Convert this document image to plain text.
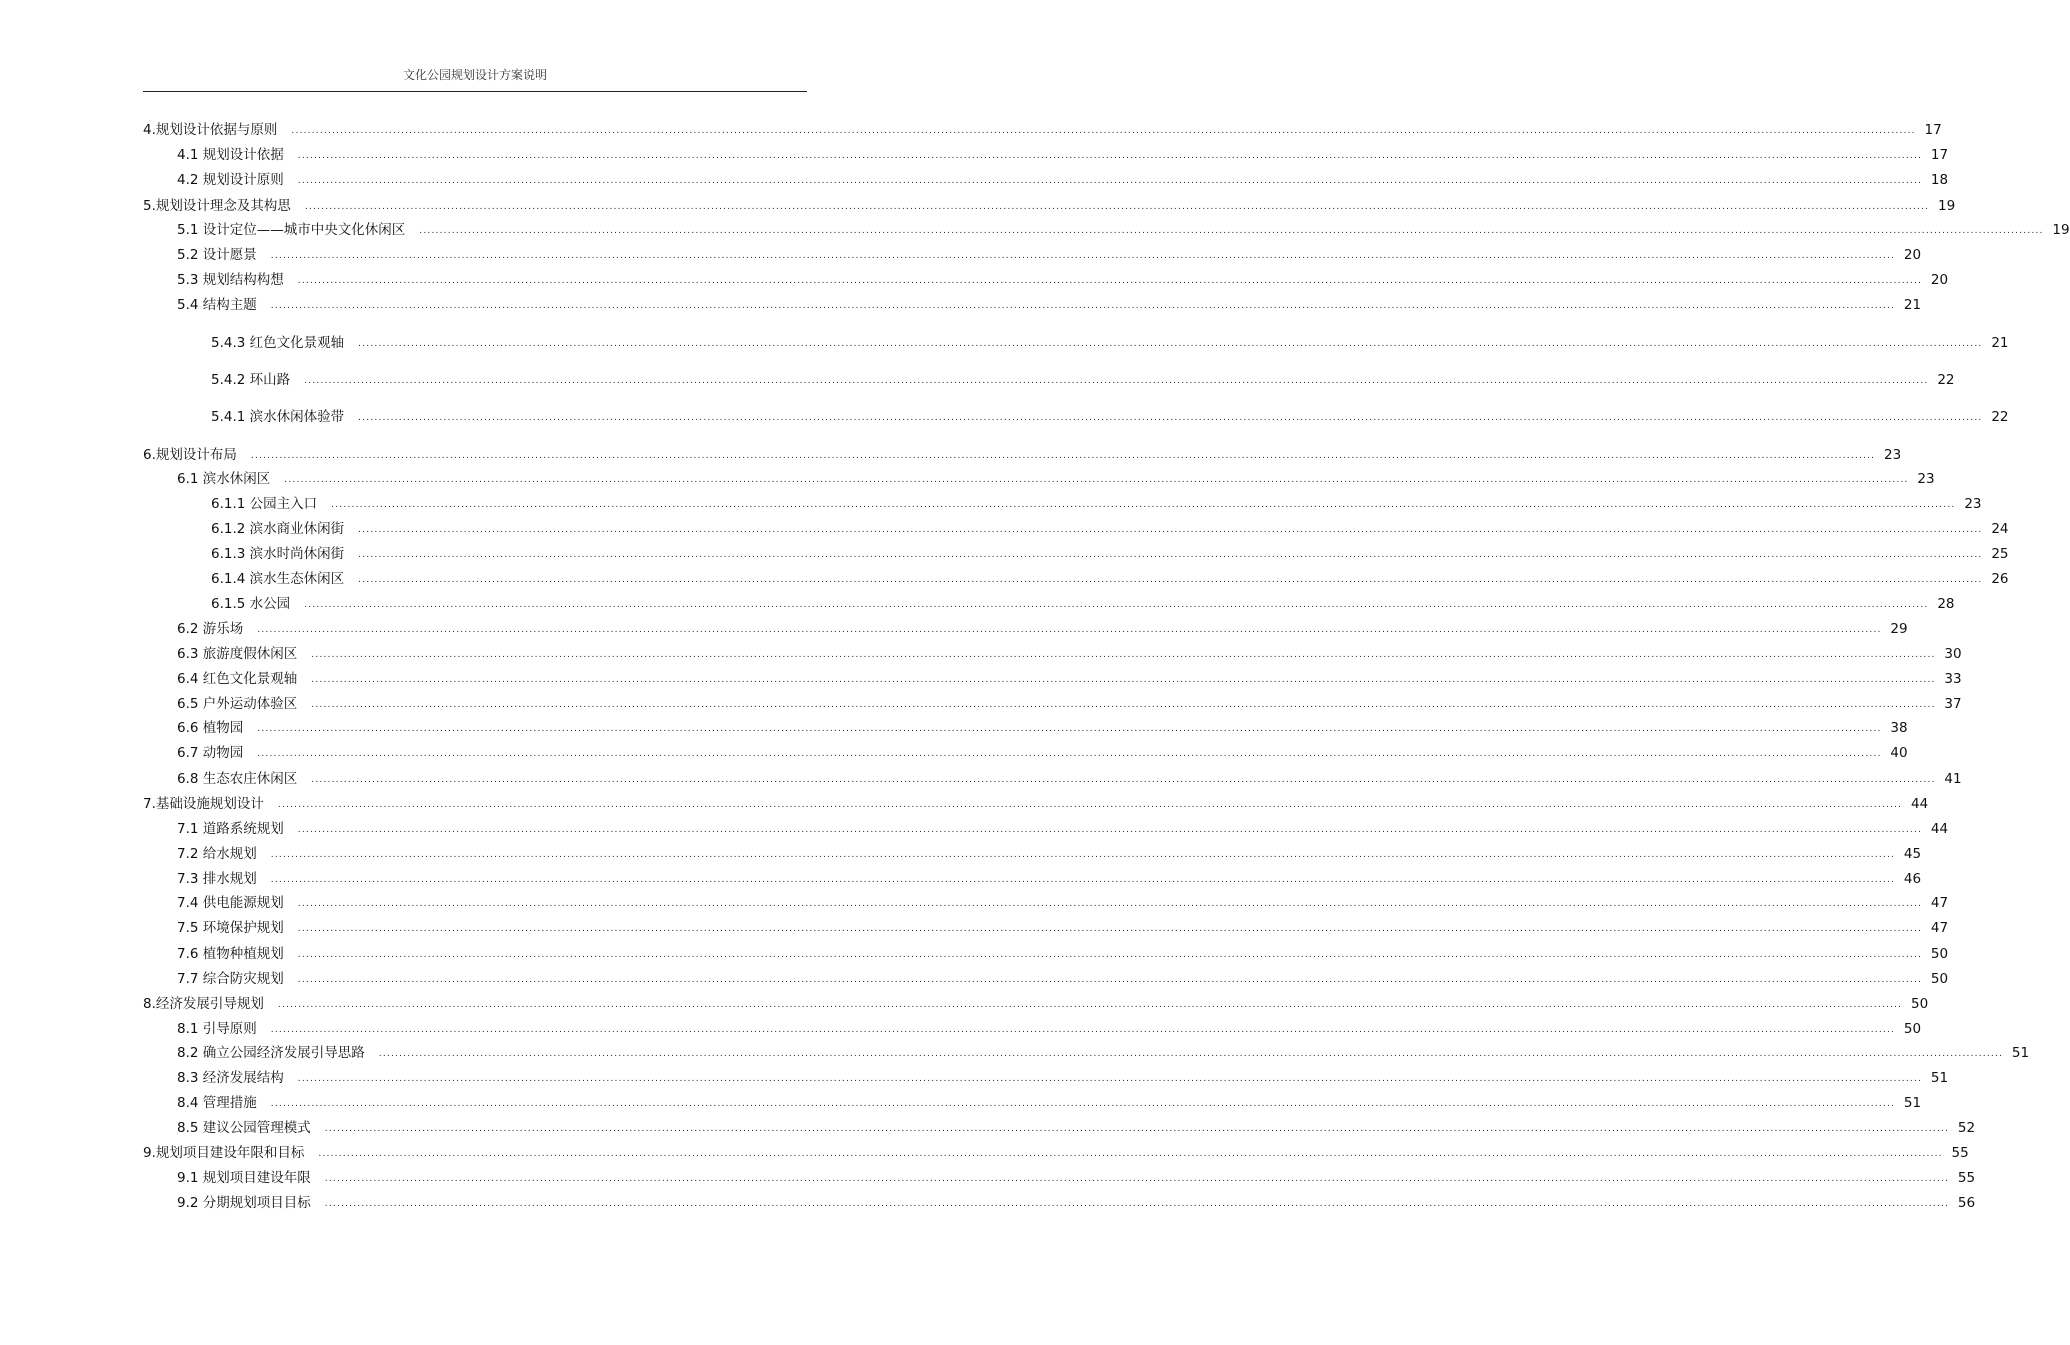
文化公园规划设计方案说明
4.规划设计依据与原则 ................................................................................................................................................................................................................................................................................................................................................................................................................ 17
4.1 规划设计依据 ................................................................................................................................................................................................................................................................................................................................................................................................................ 17
4.2 规划设计原则 ................................................................................................................................................................................................................................................................................................................................................................................................................ 18
5.规划设计理念及其构思 ................................................................................................................................................................................................................................................................................................................................................................................................................ 19
5.1 设计定位——城市中央文化休闲区 ................................................................................................................................................................................................................................................................................................................................................................................................................ 19
5.2 设计愿景 ................................................................................................................................................................................................................................................................................................................................................................................................................ 20
5.3 规划结构构想 ................................................................................................................................................................................................................................................................................................................................................................................................................ 20
5.4 结构主题 ................................................................................................................................................................................................................................................................................................................................................................................................................ 21
5.4.3 红色文化景观轴 ................................................................................................................................................................................................................................................................................................................................................................................................................ 21
5.4.2 环山路 ................................................................................................................................................................................................................................................................................................................................................................................................................ 22
5.4.1 滨水休闲体验带 ................................................................................................................................................................................................................................................................................................................................................................................................................ 22
6.规划设计布局 ................................................................................................................................................................................................................................................................................................................................................................................................................ 23
6.1 滨水休闲区 ................................................................................................................................................................................................................................................................................................................................................................................................................ 23
6.1.1 公园主入口 ................................................................................................................................................................................................................................................................................................................................................................................................................ 23
6.1.2 滨水商业休闲街 ................................................................................................................................................................................................................................................................................................................................................................................................................ 24
6.1.3 滨水时尚休闲街 ................................................................................................................................................................................................................................................................................................................................................................................................................ 25
6.1.4 滨水生态休闲区 ................................................................................................................................................................................................................................................................................................................................................................................................................ 26
6.1.5 水公园 ................................................................................................................................................................................................................................................................................................................................................................................................................ 28
6.2 游乐场 ................................................................................................................................................................................................................................................................................................................................................................................................................ 29
6.3 旅游度假休闲区 ................................................................................................................................................................................................................................................................................................................................................................................................................ 30
6.4 红色文化景观轴 ................................................................................................................................................................................................................................................................................................................................................................................................................ 33
6.5 户外运动体验区 ................................................................................................................................................................................................................................................................................................................................................................................................................ 37
6.6 植物园 ................................................................................................................................................................................................................................................................................................................................................................................................................ 38
6.7 动物园 ................................................................................................................................................................................................................................................................................................................................................................................................................ 40
6.8 生态农庄休闲区 ................................................................................................................................................................................................................................................................................................................................................................................................................ 41
7.基础设施规划设计 ................................................................................................................................................................................................................................................................................................................................................................................................................ 44
7.1 道路系统规划 ................................................................................................................................................................................................................................................................................................................................................................................................................ 44
7.2 给水规划 ................................................................................................................................................................................................................................................................................................................................................................................................................ 45
7.3 排水规划 ................................................................................................................................................................................................................................................................................................................................................................................................................ 46
7.4 供电能源规划 ................................................................................................................................................................................................................................................................................................................................................................................................................ 47
7.5 环境保护规划 ................................................................................................................................................................................................................................................................................................................................................................................................................ 47
7.6 植物种植规划 ................................................................................................................................................................................................................................................................................................................................................................................................................ 50
7.7 综合防灾规划 ................................................................................................................................................................................................................................................................................................................................................................................................................ 50
8.经济发展引导规划 ................................................................................................................................................................................................................................................................................................................................................................................................................ 50
8.1 引导原则 ................................................................................................................................................................................................................................................................................................................................................................................................................ 50
8.2 确立公园经济发展引导思路 ................................................................................................................................................................................................................................................................................................................................................................................................................ 51
8.3 经济发展结构 ................................................................................................................................................................................................................................................................................................................................................................................................................ 51
8.4 管理措施 ................................................................................................................................................................................................................................................................................................................................................................................................................ 51
8.5 建议公园管理模式 ................................................................................................................................................................................................................................................................................................................................................................................................................ 52
9.规划项目建设年限和目标 ................................................................................................................................................................................................................................................................................................................................................................................................................ 55
9.1 规划项目建设年限 ................................................................................................................................................................................................................................................................................................................................................................................................................ 55
9.2 分期规划项目目标 ................................................................................................................................................................................................................................................................................................................................................................................................................ 56
